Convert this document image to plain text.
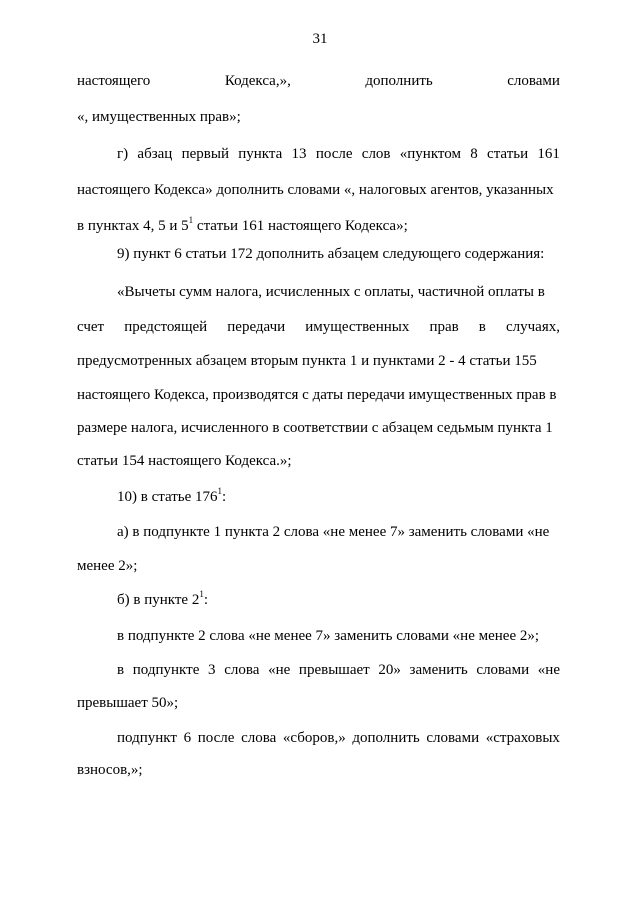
31
настоящего	Кодекса,»,	дополнить	словами
«, имущественных прав»;
г) абзац первый пункта 13 после слов «пунктом 8 статьи 161
настоящего Кодекса» дополнить словами «, налоговых агентов, указанных
в пунктах 4, 5 и $5^1$ статьи 161 настоящего Кодекса»;
9) пункт 6 статьи 172 дополнить абзацем следующего содержания:
«Вычеты сумм налога, исчисленных с оплаты, частичной оплаты в
счет предстоящей передачи имущественных прав в случаях,
предусмотренных абзацем вторым пункта 1 и пунктами 2 - 4 статьи 155
настоящего Кодекса, производятся с даты передачи имущественных прав в
размере налога, исчисленного в соответствии с абзацем седьмым пункта 1
статьи 154 настоящего Кодекса.»;
10) в статье $176^1$:
а) в подпункте 1 пункта 2 слова «не менее 7» заменить словами «не
менее 2»;
б) в пункте $2^1$:
в подпункте 2 слова «не менее 7» заменить словами «не менее 2»;
в подпункте 3 слова «не превышает 20» заменить словами «не
превышает 50»;
подпункт 6 после слова «сборов,» дополнить словами «страховых
взносов,»;
